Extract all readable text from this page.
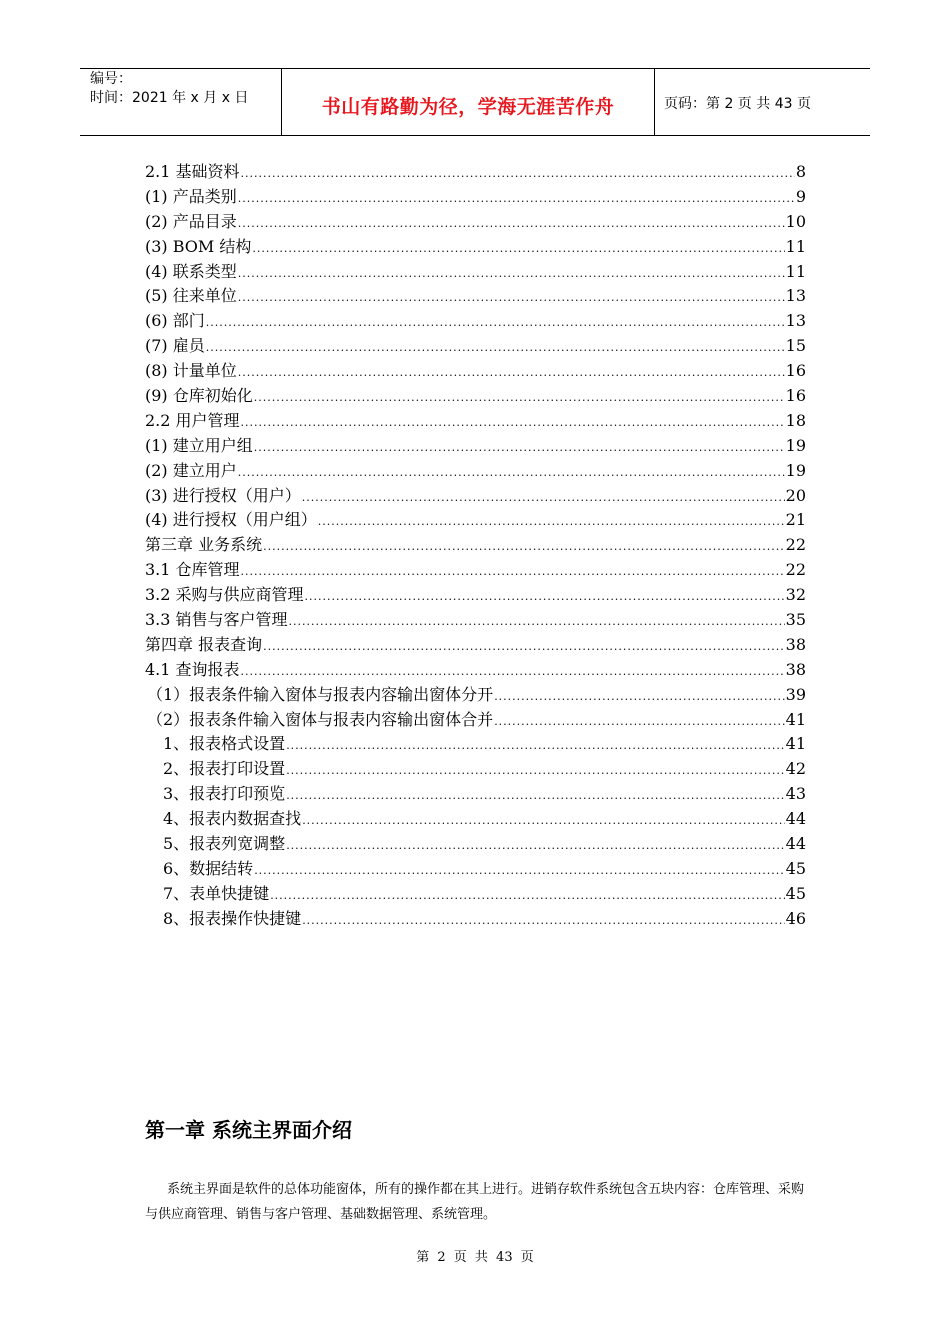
编号：
时间：2021 年 x 月 x 日	书山有路勤为径，学海无涯苦作舟	页码：第 2 页 共 43 页
2.1 基础资料 .....	8
(1) 产品类别 .....	9
(2) 产品目录 .....	10
(3) BOM 结构 .....	11
(4) 联系类型 .....	11
(5) 往来单位 .....	13
(6) 部门 .....	13
(7) 雇员 .....	15
(8) 计量单位 .....	16
(9) 仓库初始化 .....	16
2.2 用户管理 .....	18
(1) 建立用户组 .....	19
(2) 建立用户 .....	19
(3) 进行授权（用户） .....	20
(4) 进行授权（用户组） .....	21
第三章 业务系统 .....	22
3.1 仓库管理 .....	22
3.2 采购与供应商管理 .....	32
3.3 销售与客户管理 .....	35
第四章 报表查询 .....	38
4.1 查询报表 .....	38
（1）报表条件输入窗体与报表内容输出窗体分开 .....	39
（2）报表条件输入窗体与报表内容输出窗体合并 .....	41
1、报表格式设置 .....	41
2、报表打印设置 .....	42
3、报表打印预览 .....	43
4、报表内数据查找 .....	44
5、报表列宽调整 .....	44
6、数据结转 .....	45
7、表单快捷键 .....	45
8、报表操作快捷键 .....	46
第一章 系统主界面介绍
系统主界面是软件的总体功能窗体，所有的操作都在其上进行。进销存软件系统包含五块内容：仓库管理、采购与供应商管理、销售与客户管理、基础数据管理、系统管理。
第 2 页 共 43 页
